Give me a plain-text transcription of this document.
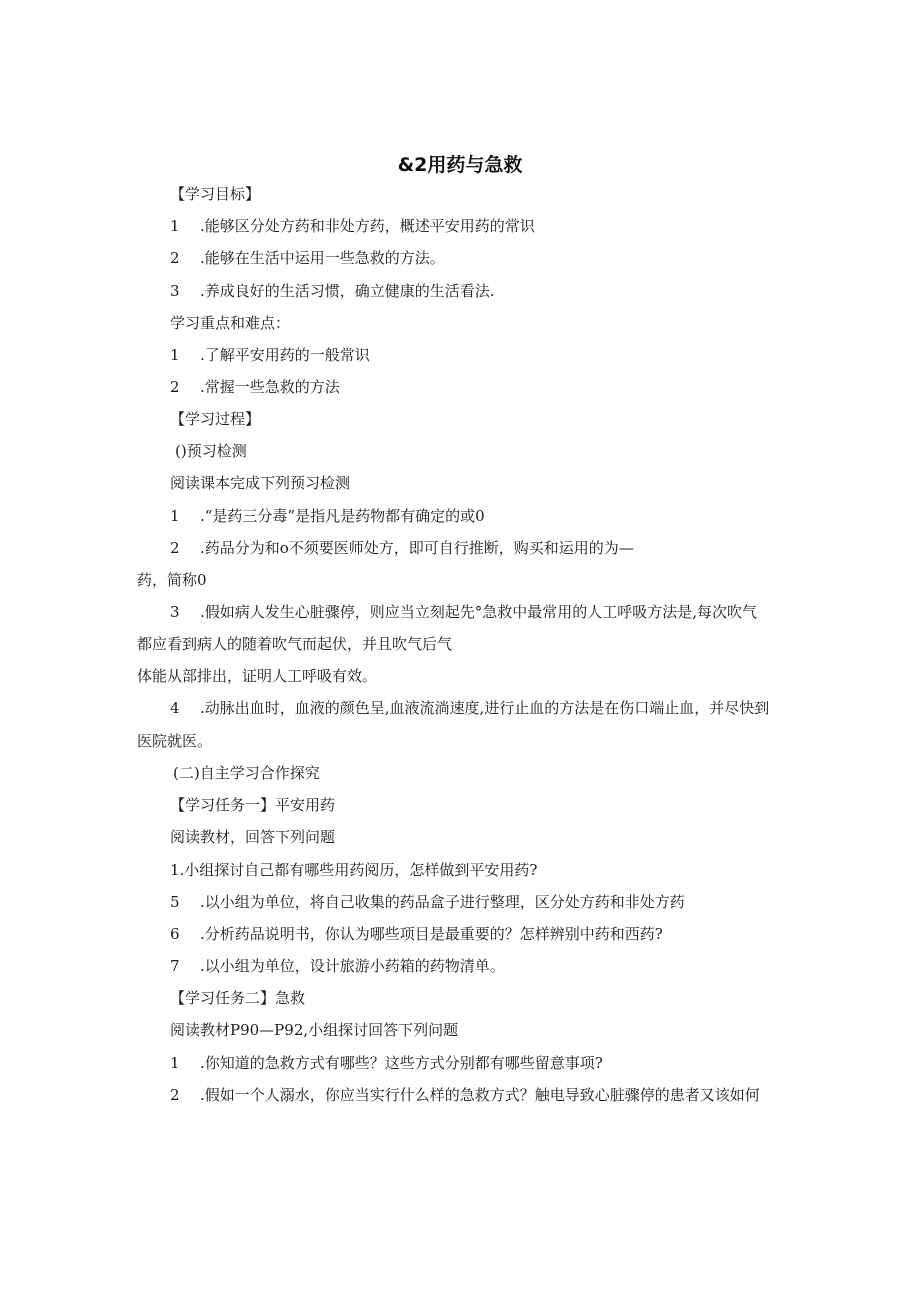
&2用药与急救
【学习目标】
1 .能够区分处方药和非处方药，概述平安用药的常识
2 .能够在生活中运用一些急救的方法。
3 .养成良好的生活习惯，确立健康的生活看法.
学习重点和难点：
1 .了解平安用药的一般常识
2 .常握一些急救的方法
【学习过程】
()预习检测
阅读课本完成下列预习检测
1 .“是药三分毒”是指凡是药物都有确定的或0
2 .药品分为和o不须要医师处方，即可自行推断，购买和运用的为—
药，简称0
3 .假如病人发生心脏骤停，则应当立刻起先°急救中最常用的人工呼吸方法是,每次吹气
都应看到病人的随着吹气而起伏，并且吹气后气
体能从部排出，证明人工呼吸有效。
4 .动脉出血时，血液的颜色呈,血液流淌速度,进行止血的方法是在伤口端止血，并尽快到
医院就医。
(二)自主学习合作探究
【学习任务一】平安用药
阅读教材，回答下列问题
1.小组探讨自己都有哪些用药阅历，怎样做到平安用药?
5 .以小组为单位，将自己收集的药品盒子进行整理，区分处方药和非处方药
6 .分析药品说明书，你认为哪些项目是最重要的？怎样辨别中药和西药?
7 .以小组为单位，设计旅游小药箱的药物清单。
【学习任务二】急救
阅读教材P90—P92,小组探讨回答下列问题
1 .你知道的急救方式有哪些？这些方式分别都有哪些留意事项?
2 .假如一个人溺水，你应当实行什么样的急救方式？触电导致心脏骤停的患者又该如何
